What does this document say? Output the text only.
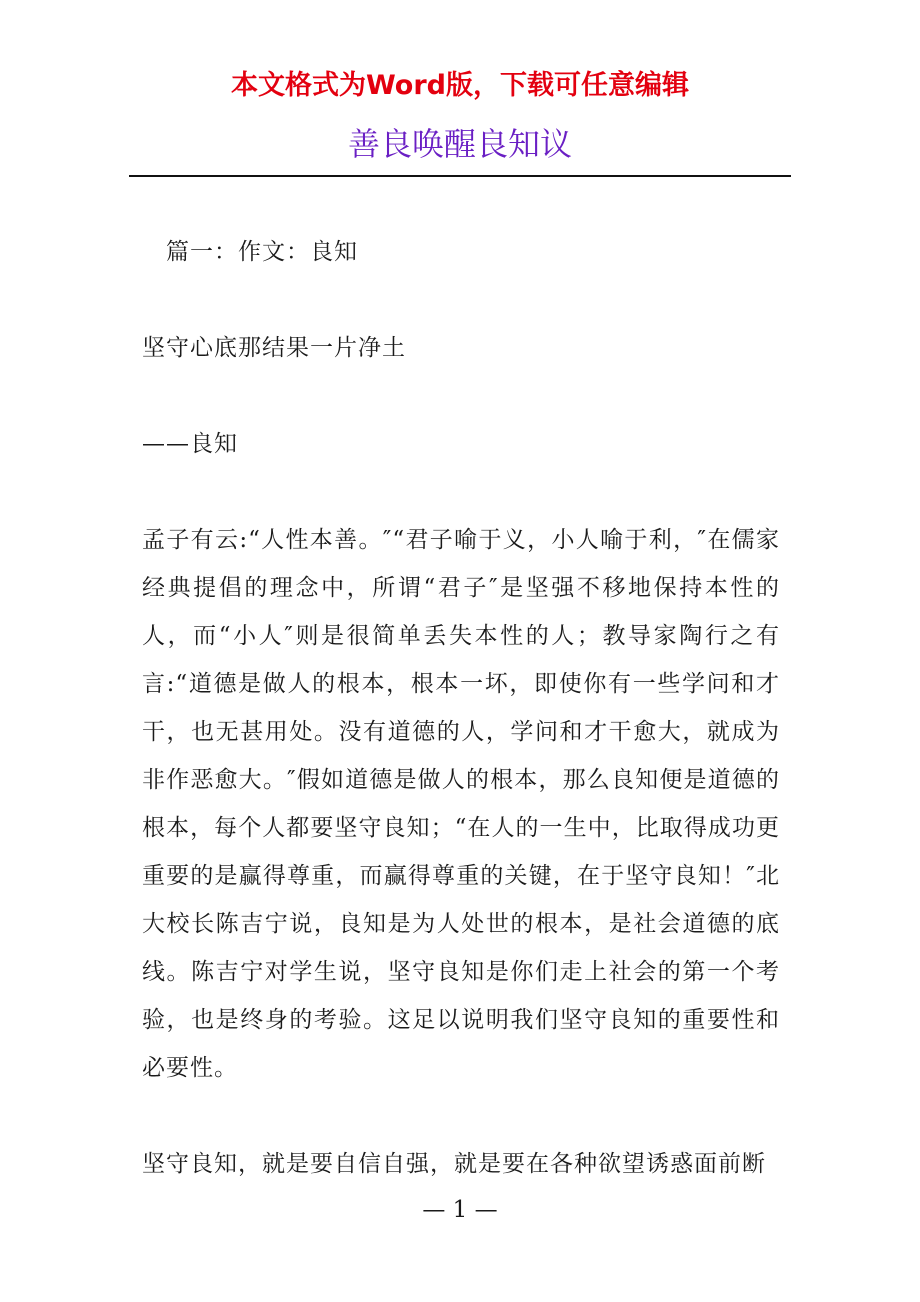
本文格式为Word版，下载可任意编辑
善良唤醒良知议

篇一：作文：良知

坚守心底那结果一片净土

——良知

孟子有云:“人性本善。″“君子喻于义，小人喻于利，″在儒家经典提倡的理念中，所谓“君子″是坚强不移地保持本性的人，而“小人″则是很简单丢失本性的人；教导家陶行之有言:“道德是做人的根本，根本一坏，即使你有一些学问和才干，也无甚用处。没有道德的人，学问和才干愈大，就成为非作恶愈大。″假如道德是做人的根本，那么良知便是道德的根本，每个人都要坚守良知；“在人的一生中，比取得成功更重要的是赢得尊重，而赢得尊重的关键，在于坚守良知！″北大校长陈吉宁说，良知是为人处世的根本，是社会道德的底线。陈吉宁对学生说，坚守良知是你们走上社会的第一个考验，也是终身的考验。这足以说明我们坚守良知的重要性和必要性。

坚守良知，就是要自信自强，就是要在各种欲望诱惑面前断

— 1 —
